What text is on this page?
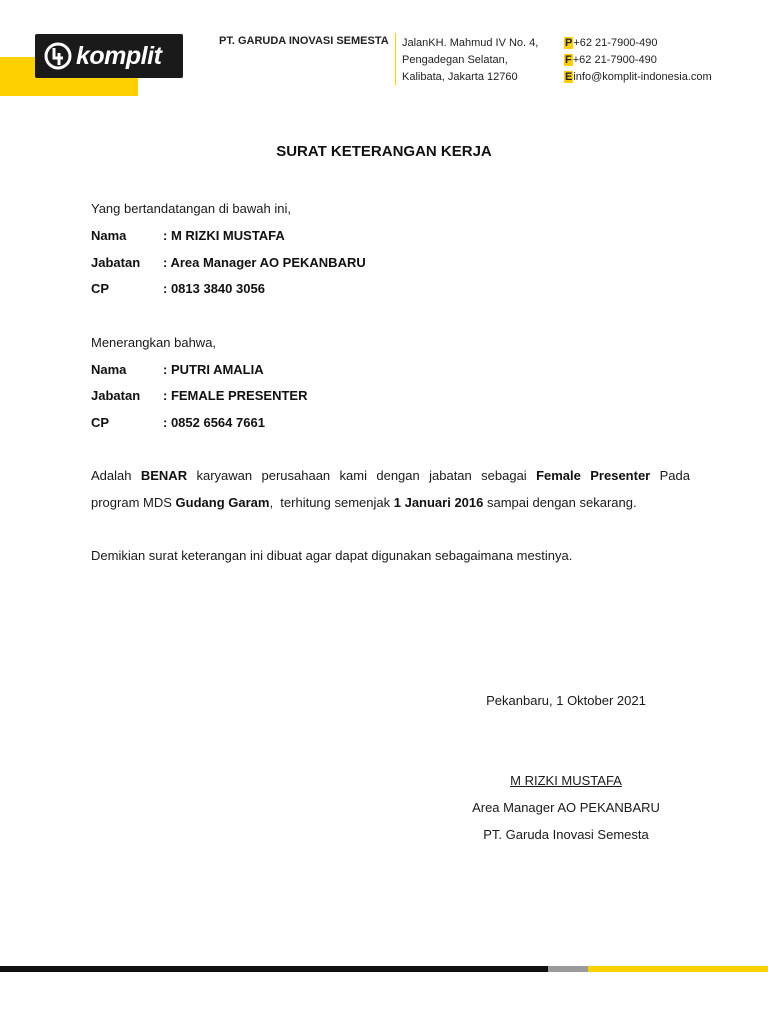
komplit
PT. GARUDA INOVASI SEMESTA JalanKH. Mahmud IV No. 4,
Pengadegan Selatan,
Kalibata, Jakarta 12760
P+62 21-7900-490
F+62 21-7900-490
Einfo@komplit-indonesia.com
SURAT KETERANGAN KERJA
Yang bertandatangan di bawah ini,
Nama	: M RIZKI MUSTAFA
Jabatan : Area Manager AO PEKANBARU
CP	: 0813 3840 3056
Menerangkan bahwa,
Nama	: PUTRI AMALIA
Jabatan : FEMALE PRESENTER
CP	: 0852 6564 7661
Adalah BENAR karyawan perusahaan kami dengan jabatan sebagai Female Presenter Pada
program MDS Gudang Garam,  terhitung semenjak 1 Januari 2016 sampai dengan sekarang.
Demikian surat keterangan ini dibuat agar dapat digunakan sebagaimana mestinya.
Pekanbaru, 1 Oktober 2021
M RIZKI MUSTAFA
Area Manager AO PEKANBARU
PT. Garuda Inovasi Semesta
